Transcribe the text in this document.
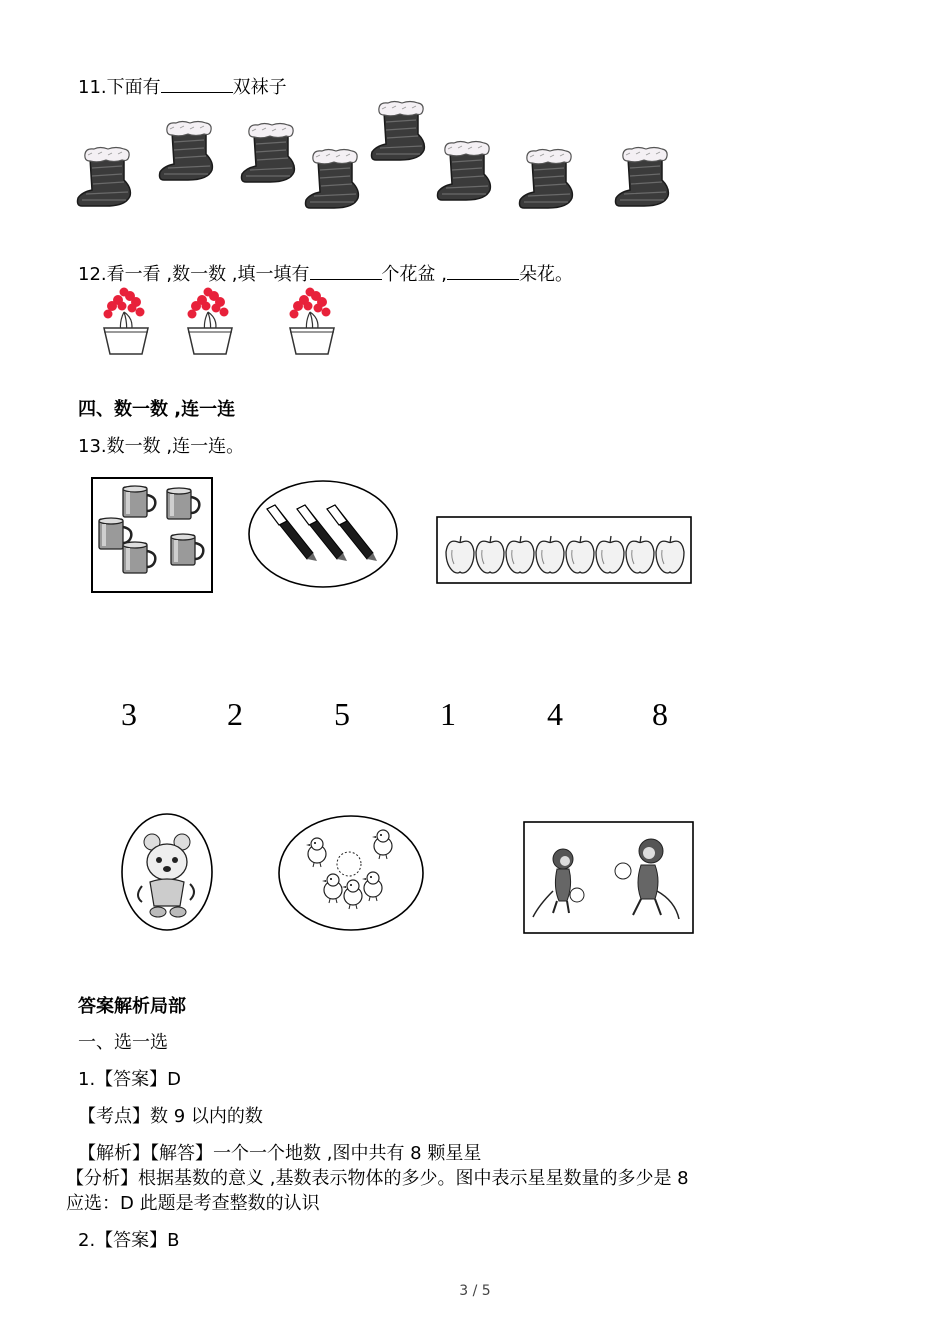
11.下面有	双袜子
12.看一看 ,数一数 ,填一填有	个花盆 ,	朵花。
四、数一数 ,连一连
13.数一数 ,连一连。
3	2	5	1	4	8
答案解析局部
一、选一选
1.【答案】D
【考点】数 9 以内的数
【解析】【解答】一个一个地数 ,图中共有 8 颗星星
【分析】根据基数的意义 ,基数表示物体的多少。图中表示星星数量的多少是 8
应选：D 此题是考查整数的认识
2.【答案】B
3 / 5
